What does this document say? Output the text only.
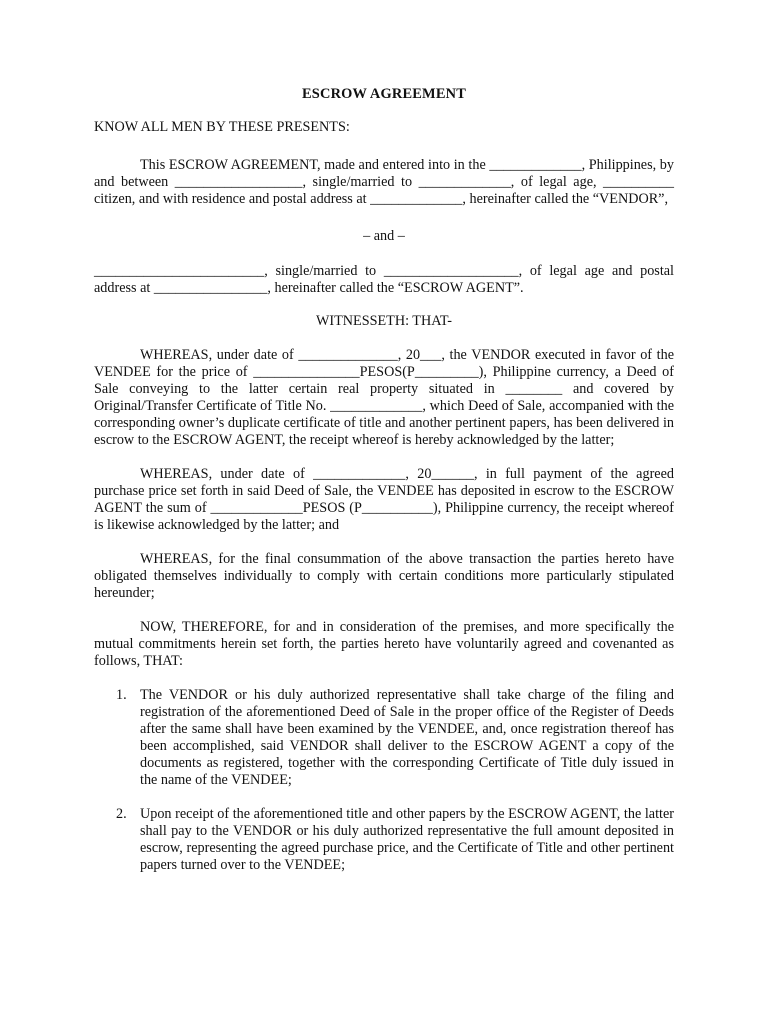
ESCROW AGREEMENT
KNOW ALL MEN BY THESE PRESENTS:

This ESCROW AGREEMENT, made and entered into in the _____________, Philippines, by and between __________________, single/married to _____________, of legal age, __________ citizen, and with residence and postal address at _____________, hereinafter called the “VENDOR”,

– and –

________________________, single/married to ___________________, of legal age and postal address at ________________, hereinafter called the “ESCROW AGENT”.

WITNESSETH: THAT-

WHEREAS, under date of ______________, 20___, the VENDOR executed in favor of the VENDEE for the price of _______________PESOS(P_________), Philippine currency, a Deed of Sale conveying to the latter certain real property situated in ________ and covered by Original/Transfer Certificate of Title No. _____________, which Deed of Sale, accompanied with the corresponding owner’s duplicate certificate of title and another pertinent papers, has been delivered in escrow to the ESCROW AGENT, the receipt whereof is hereby acknowledged by the latter;

WHEREAS, under date of _____________, 20______, in full payment of the agreed purchase price set forth in said Deed of Sale, the VENDEE has deposited in escrow to the ESCROW AGENT the sum of _____________PESOS (P__________), Philippine currency, the receipt whereof is likewise acknowledged by the latter; and

WHEREAS, for the final consummation of the above transaction the parties hereto have obligated themselves individually to comply with certain conditions more particularly stipulated hereunder;

NOW, THEREFORE, for and in consideration of the premises, and more specifically the mutual commitments herein set forth, the parties hereto have voluntarily agreed and covenanted as follows, THAT:

1. The VENDOR or his duly authorized representative shall take charge of the filing and registration of the aforementioned Deed of Sale in the proper office of the Register of Deeds after the same shall have been examined by the VENDEE, and, once registration thereof has been accomplished, said VENDOR shall deliver to the ESCROW AGENT a copy of the documents as registered, together with the corresponding Certificate of Title duly issued in the name of the VENDEE;
2. Upon receipt of the aforementioned title and other papers by the ESCROW AGENT, the latter shall pay to the VENDOR or his duly authorized representative the full amount deposited in escrow, representing the agreed purchase price, and the Certificate of Title and other pertinent papers turned over to the VENDEE;
